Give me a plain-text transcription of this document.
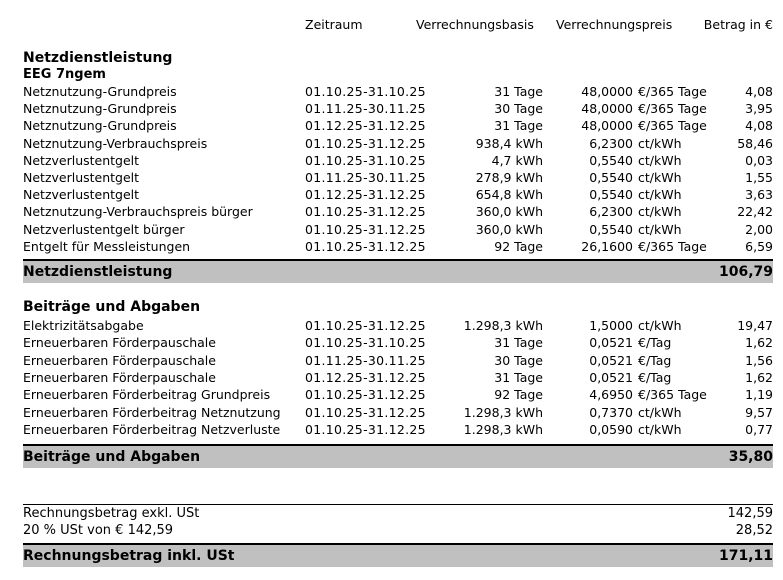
Zeitraum	Verrechnungsbasis Verrechnungspreis	Betrag in €
Netzdienstleistung
EEG 7ngem
Netznutzung-Grundpreis	01.10.25-31.10.25	31 Tage	48,0000 €/365 Tage	4,08
Netznutzung-Grundpreis	01.11.25-30.11.25	30 Tage	48,0000 €/365 Tage	3,95
Netznutzung-Grundpreis	01.12.25-31.12.25	31 Tage	48,0000 €/365 Tage	4,08
Netznutzung-Verbrauchspreis	01.10.25-31.12.25	938,4 kWh	6,2300 ct/kWh	58,46
Netzverlustentgelt	01.10.25-31.10.25	4,7 kWh	0,5540 ct/kWh	0,03
Netzverlustentgelt	01.11.25-30.11.25	278,9 kWh	0,5540 ct/kWh	1,55
Netzverlustentgelt	01.12.25-31.12.25	654,8 kWh	0,5540 ct/kWh	3,63
Netznutzung-Verbrauchspreis bürger	01.10.25-31.12.25	360,0 kWh	6,2300 ct/kWh	22,42
Netzverlustentgelt bürger	01.10.25-31.12.25	360,0 kWh	0,5540 ct/kWh	2,00
Entgelt für Messleistungen	01.10.25-31.12.25	92 Tage	26,1600 €/365 Tage	6,59
Netzdienstleistung	106,79
Beiträge und Abgaben
Elektrizitätsabgabe	01.10.25-31.12.25	1.298,3 kWh	1,5000 ct/kWh	19,47
Erneuerbaren Förderpauschale	01.10.25-31.10.25	31 Tage	0,0521 €/Tag	1,62
Erneuerbaren Förderpauschale	01.11.25-30.11.25	30 Tage	0,0521 €/Tag	1,56
Erneuerbaren Förderpauschale	01.12.25-31.12.25	31 Tage	0,0521 €/Tag	1,62
Erneuerbaren Förderbeitrag Grundpreis	01.10.25-31.12.25	92 Tage	4,6950 €/365 Tage	1,19
Erneuerbaren Förderbeitrag Netznutzung 01.10.25-31.12.25	1.298,3 kWh	0,7370 ct/kWh	9,57
Erneuerbaren Förderbeitrag Netzverluste 01.10.25-31.12.25	1.298,3 kWh	0,0590 ct/kWh	0,77
Beiträge und Abgaben	35,80
Rechnungsbetrag exkl. USt	142,59
20 % USt von € 142,59	28,52
Rechnungsbetrag inkl. USt	171,11
